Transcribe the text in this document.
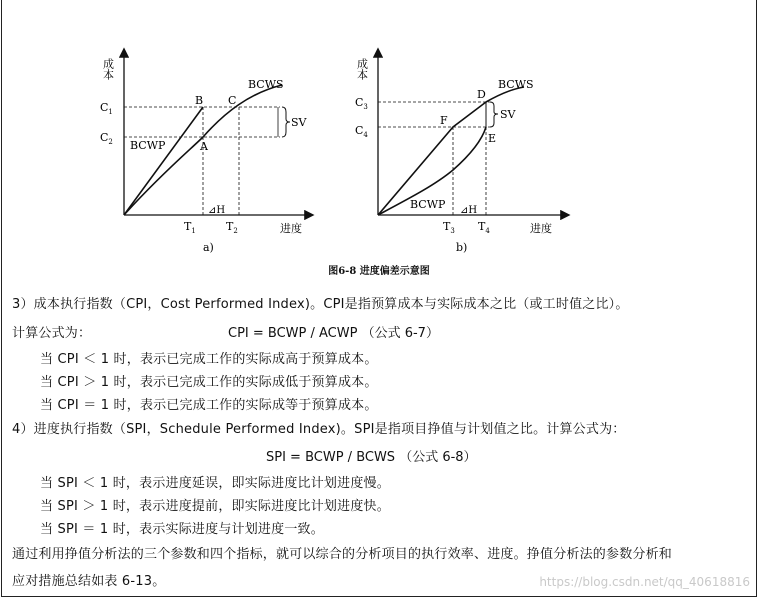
成本
$C_1$
$C_2$
B C
A
BCWS
BCWP
SV
⊿H
$T_1$	$T_2$	进度
a)
成本
$C_3$
$C_4$
D
F
E
BCWS
BCWP
SV
⊿H
$T_3$ $T_4$	进度
b)
图6-8 进度偏差示意图
3）成本执行指数（CPI，Cost Performed Index)。CPI是指预算成本与实际成本之比（或工时值之比）。
计算公式为：	CPI = BCWP / ACWP （公式 6-7）
当 CPI ＜ 1 时，表示已完成工作的实际成高于预算成本。
当 CPI ＞ 1 时，表示已完成工作的实际成低于预算成本。
当 CPI ＝ 1 时，表示已完成工作的实际成等于预算成本。
4）进度执行指数（SPI，Schedule Performed Index)。SPI是指项目挣值与计划值之比。计算公式为：
SPI = BCWP / BCWS （公式 6-8）
当 SPI ＜ 1 时，表示进度延误，即实际进度比计划进度慢。
当 SPI ＞ 1 时，表示进度提前，即实际进度比计划进度快。
当 SPI ＝ 1 时，表示实际进度与计划进度一致。
通过利用挣值分析法的三个参数和四个指标，就可以综合的分析项目的执行效率、进度。挣值分析法的参数分析和
应对措施总结如表 6-13。	https://blog.csdn.net/qq_40618816
